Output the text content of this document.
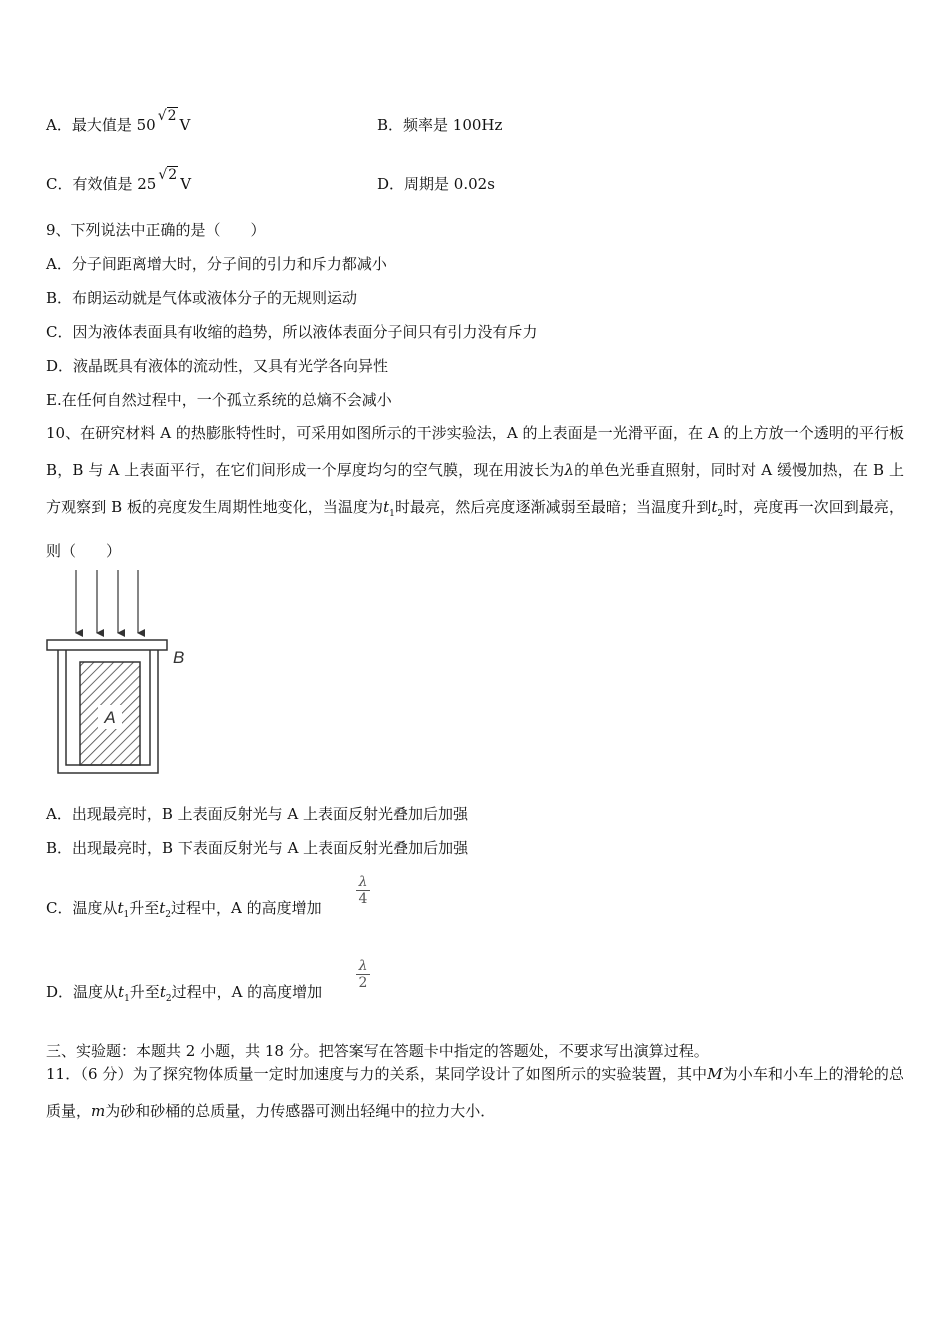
A．最大值是 50 √2 V	B．频率是 100Hz
C．有效值是 25 √2 V	D．周期是 0.02s
9、下列说法中正确的是（　　）
A．分子间距离增大时，分子间的引力和斥力都减小
B．布朗运动就是气体或液体分子的无规则运动
C．因为液体表面具有收缩的趋势，所以液体表面分子间只有引力没有斥力
D．液晶既具有液体的流动性，又具有光学各向异性
E.在任何自然过程中，一个孤立系统的总熵不会减小
10、在研究材料 A 的热膨胀特性时，可采用如图所示的干涉实验法，A 的上表面是一光滑平面，在 A 的上方放一个透明的平行板 B，B 与 A 上表面平行，在它们间形成一个厚度均匀的空气膜，现在用波长为λ的单色光垂直照射，同时对 A 缓慢加热，在 B 上方观察到 B 板的亮度发生周期性地变化，当温度为$t_1$时最亮，然后亮度逐渐减弱至最暗；当温度升到$t_2$时，亮度再一次回到最亮，则（　　）
A
B
A．出现最亮时，B 上表面反射光与 A 上表面反射光叠加后加强
B．出现最亮时，B 下表面反射光与 A 上表面反射光叠加后加强
C．温度从$t_1$升至$t_2$过程中，A 的高度增加
$\frac{\lambda}{4}$
D．温度从$t_1$升至$t_2$过程中，A 的高度增加
$\frac{\lambda}{2}$
三、实验题：本题共 2 小题，共 18 分。把答案写在答题卡中指定的答题处，不要求写出演算过程。
11．（6 分）为了探究物体质量一定时加速度与力的关系，某同学设计了如图所示的实验装置，其中M为小车和小车上的滑轮的总质量，m为砂和砂桶的总质量，力传感器可测出轻绳中的拉力大小．
